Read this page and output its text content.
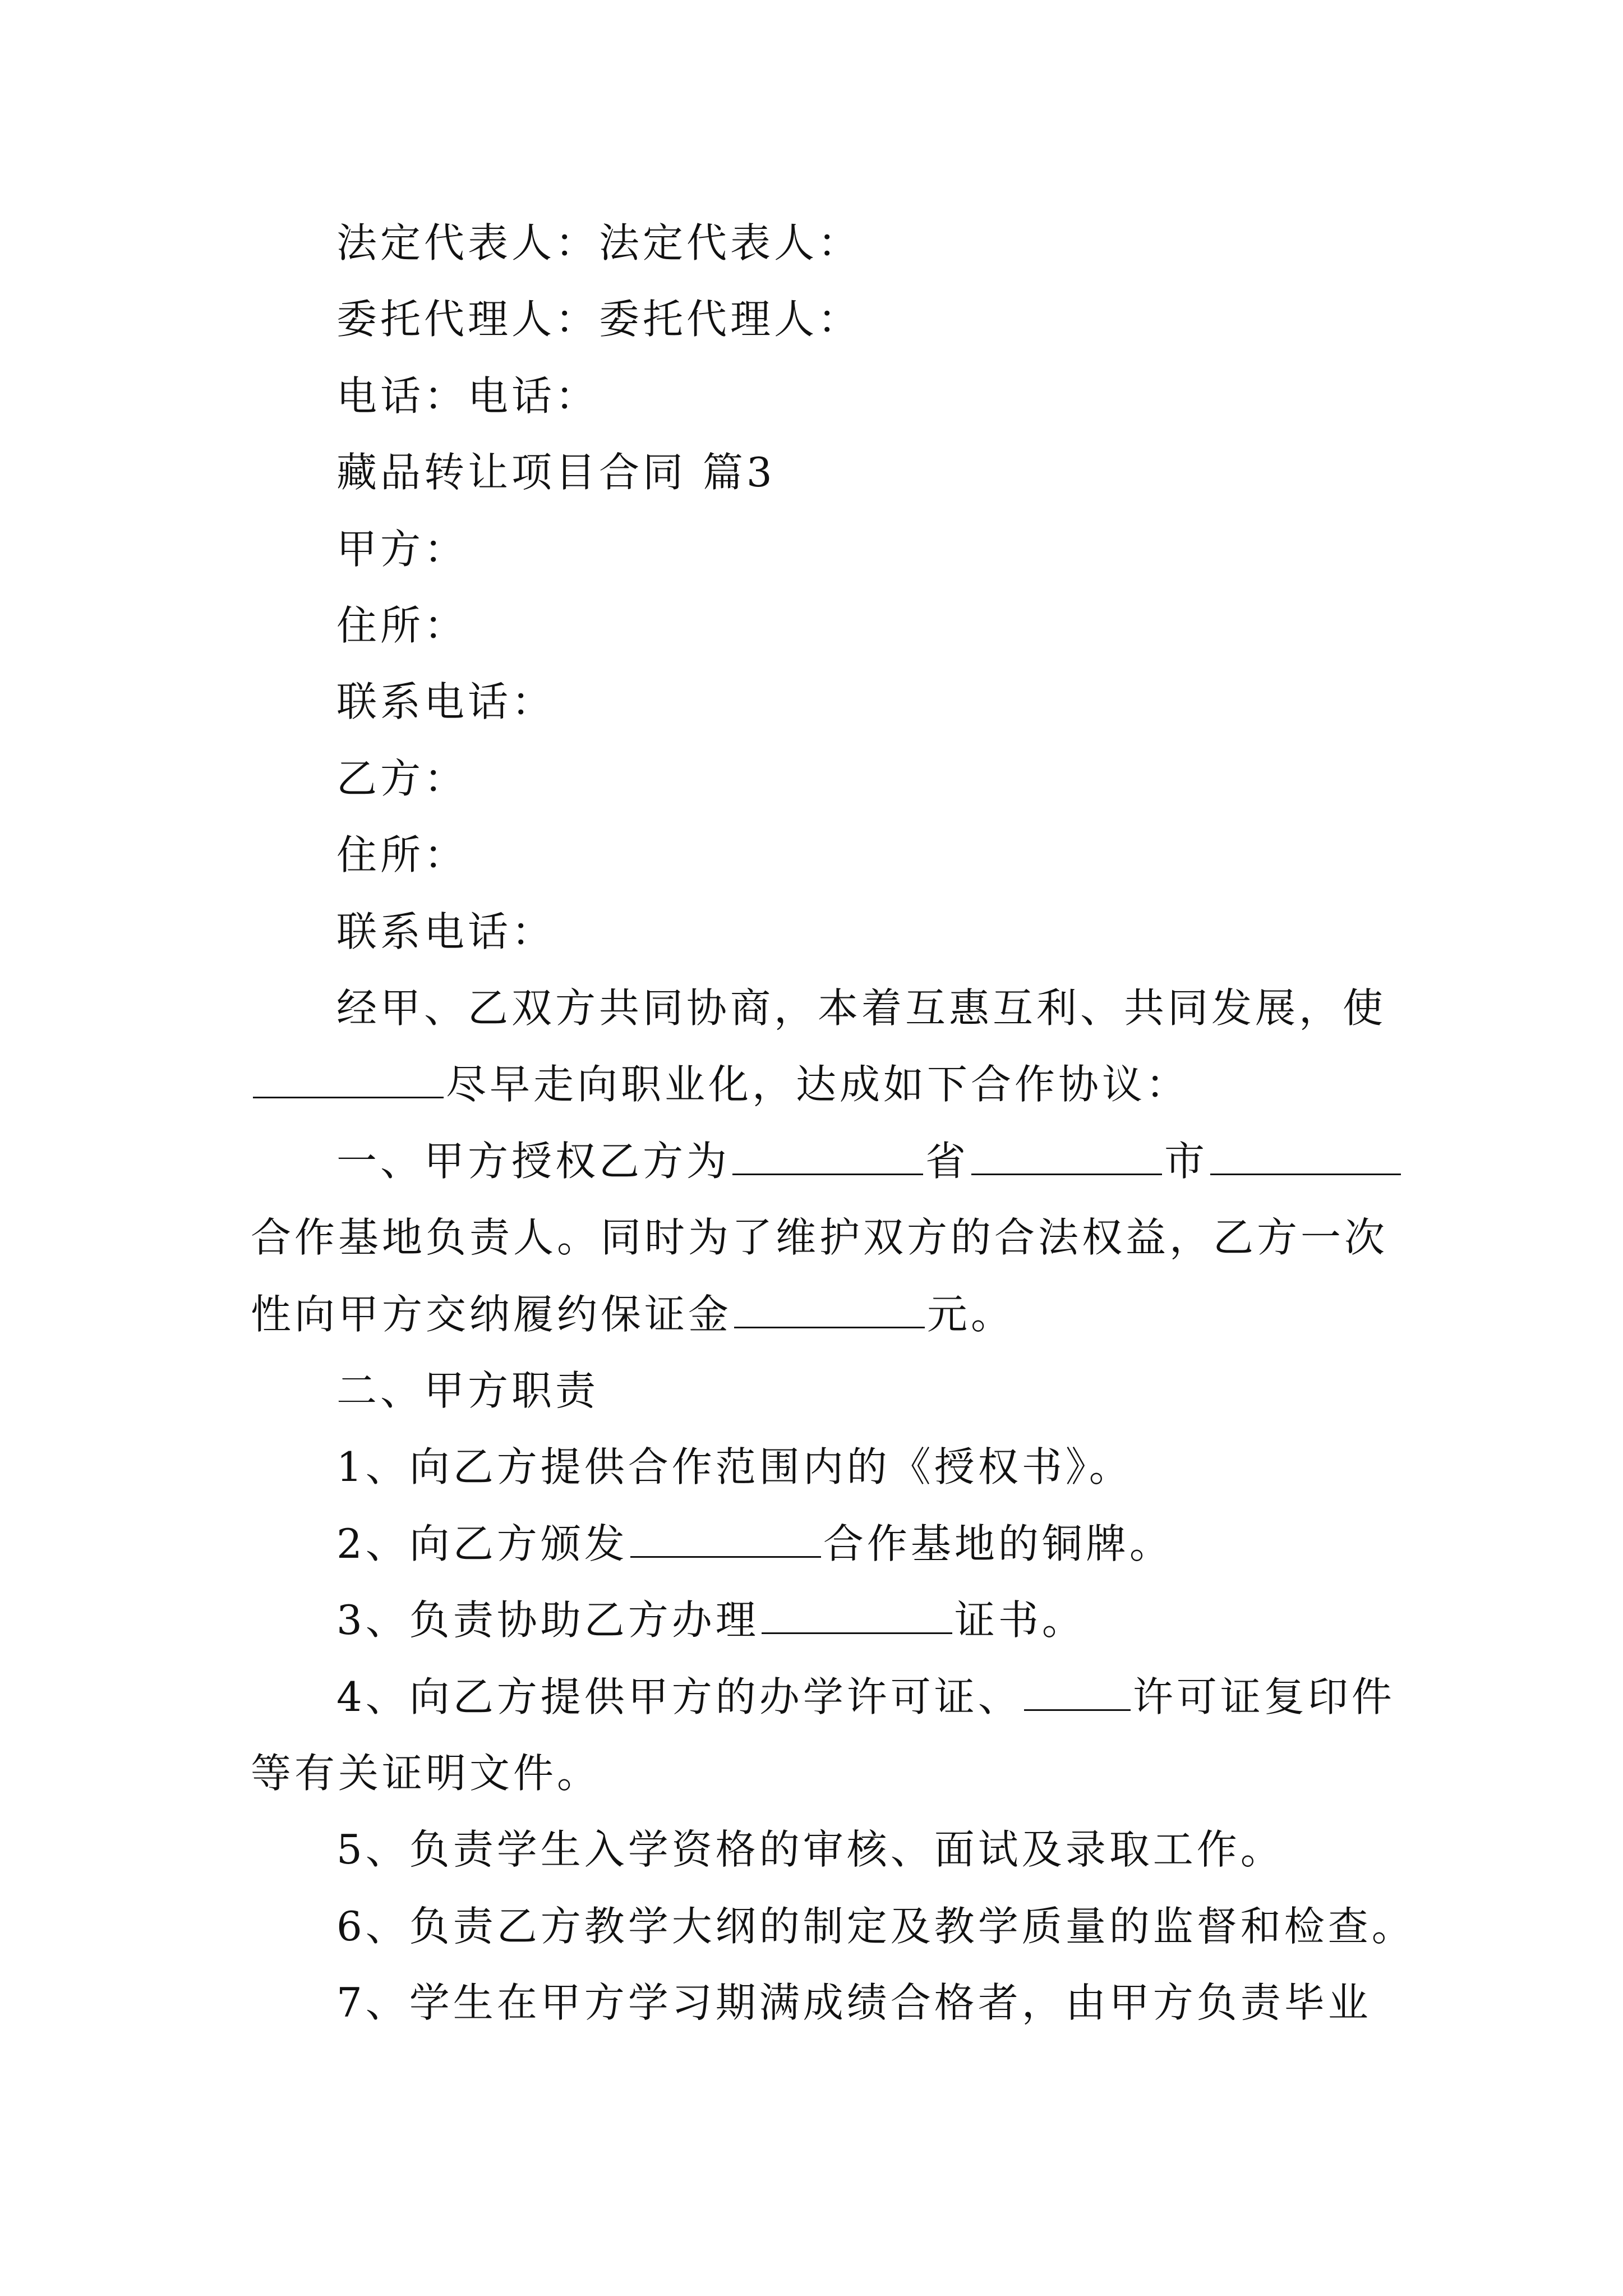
法定代表人：法定代表人：
委托代理人：委托代理人：
电话：电话：
藏品转让项目合同 篇3
甲方：
住所：
联系电话：
乙方：
住所：
联系电话：
经甲、乙双方共同协商，本着互惠互利、共同发展，使
尽早走向职业化，达成如下合作协议：
一、甲方授权乙方为	省	市
合作基地负责人。同时为了维护双方的合法权益，乙方一次
性向甲方交纳履约保证金	元。
二、甲方职责
1、向乙方提供合作范围内的《授权书》。
2、向乙方颁发	合作基地的铜牌。
3、负责协助乙方办理	证书。
4、向乙方提供甲方的办学许可证、	许可证复印件
等有关证明文件。
5、负责学生入学资格的审核、面试及录取工作。
6、负责乙方教学大纲的制定及教学质量的监督和检查。
7、学生在甲方学习期满成绩合格者，由甲方负责毕业
